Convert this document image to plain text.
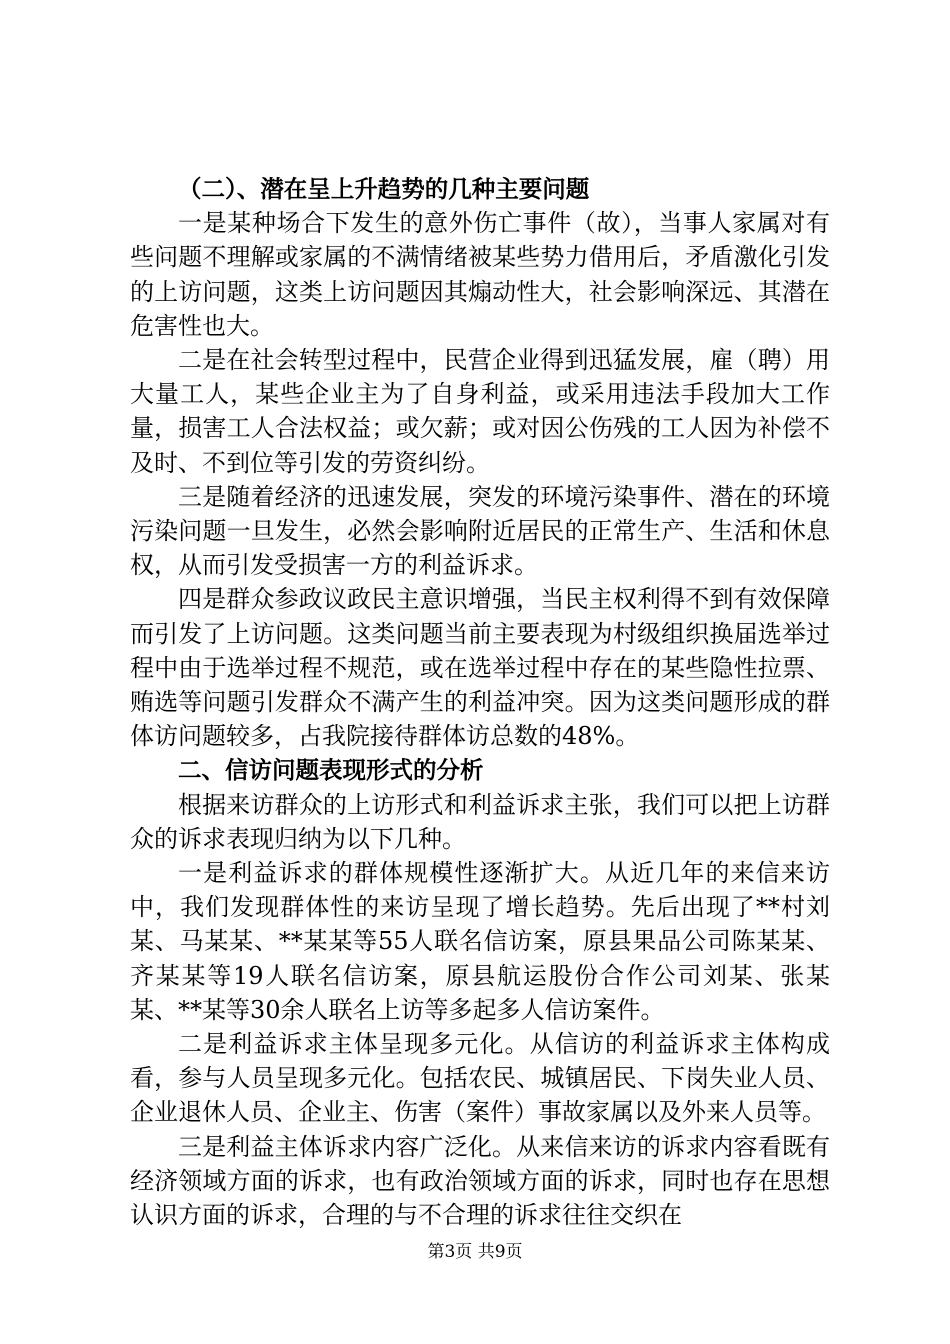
（二）、潜在呈上升趋势的几种主要问题

一是某种场合下发生的意外伤亡事件（故），当事人家属对有些问题不理解或家属的不满情绪被某些势力借用后，矛盾激化引发的上访问题，这类上访问题因其煽动性大，社会影响深远、其潜在危害性也大。

二是在社会转型过程中，民营企业得到迅猛发展，雇（聘）用大量工人，某些企业主为了自身利益，或采用违法手段加大工作量，损害工人合法权益；或欠薪；或对因公伤残的工人因为补偿不及时、不到位等引发的劳资纠纷。

三是随着经济的迅速发展，突发的环境污染事件、潜在的环境污染问题一旦发生，必然会影响附近居民的正常生产、生活和休息权，从而引发受损害一方的利益诉求。

四是群众参政议政民主意识增强，当民主权利得不到有效保障而引发了上访问题。这类问题当前主要表现为村级组织换届选举过程中由于选举过程不规范，或在选举过程中存在的某些隐性拉票、贿选等问题引发群众不满产生的利益冲突。因为这类问题形成的群体访问题较多，占我院接待群体访总数的48%。

二、信访问题表现形式的分析

根据来访群众的上访形式和利益诉求主张，我们可以把上访群众的诉求表现归纳为以下几种。

一是利益诉求的群体规模性逐渐扩大。从近几年的来信来访中，我们发现群体性的来访呈现了增长趋势。先后出现了**村刘某、马某某、**某某等55人联名信访案，原县果品公司陈某某、齐某某等19人联名信访案，原县航运股份合作公司刘某、张某某、**某等30余人联名上访等多起多人信访案件。

二是利益诉求主体呈现多元化。从信访的利益诉求主体构成看，参与人员呈现多元化。包括农民、城镇居民、下岗失业人员、企业退休人员、企业主、伤害（案件）事故家属以及外来人员等。

三是利益主体诉求内容广泛化。从来信来访的诉求内容看既有经济领域方面的诉求，也有政治领域方面的诉求，同时也存在思想认识方面的诉求，合理的与不合理的诉求往往交织在

第3页 共9页
